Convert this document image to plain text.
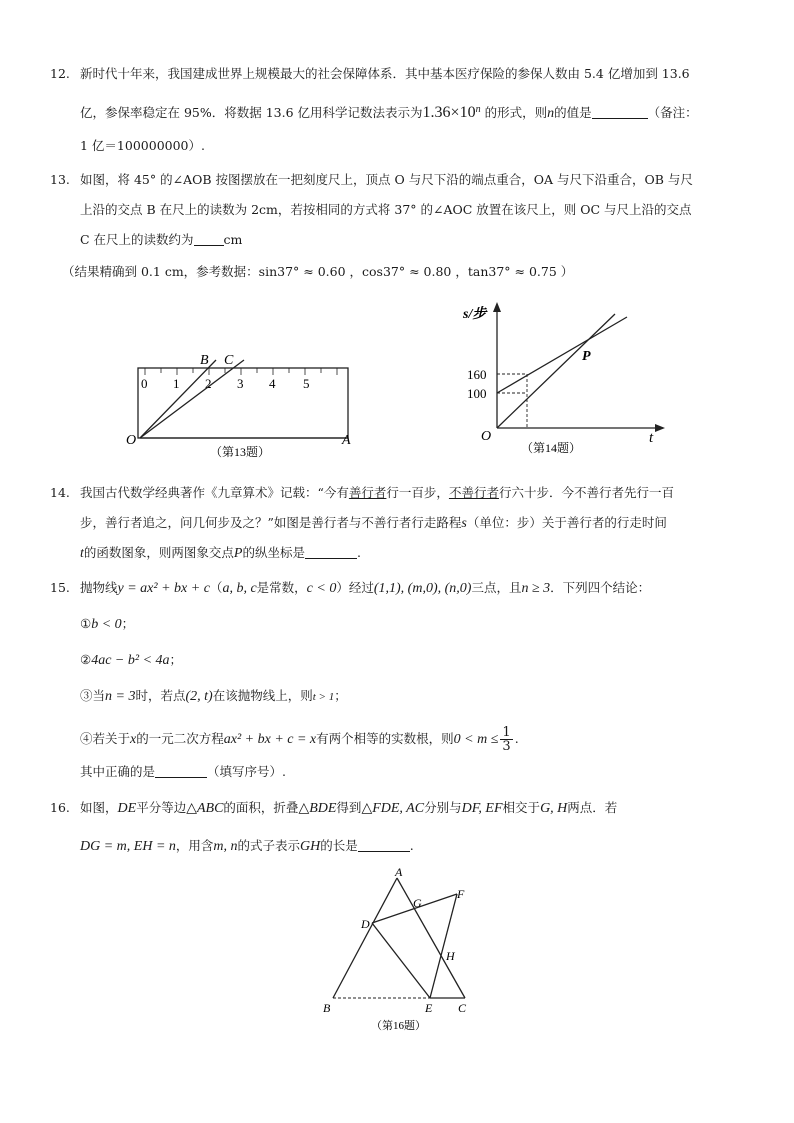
12. 新时代十年来，我国建成世界上规模最大的社会保障体系．其中基本医疗保险的参保人数由 5.4 亿增加到 13.6
亿，参保率稳定在 95%．将数据 13.6 亿用科学记数法表示为$1.36\times 10^n$ 的形式，则n的值是	（备注：
1 亿＝100000000）.
13. 如图，将 45° 的∠AOB 按图摆放在一把刻度尺上，顶点 O 与尺下沿的端点重合，OA 与尺下沿重合，OB 与尺
上沿的交点 B 在尺上的读数为 2cm，若按相同的方式将 37° 的∠AOC 放置在该尺上，则 OC 与尺上沿的交点
C 在尺上的读数约为 cm
（结果精确到 0.1 cm，参考数据：sin37° ≈ 0.60 ，cos37° ≈ 0.80 ，tan37° ≈ 0.75 ）
0 1 2 3 4 5
B C
O	A
（第13题）
s/步
160
100
P
O	t
（第14题）
14. 我国古代数学经典著作《九章算术》记载：“今有善行者行一百步，不善行者行六十步．今不善行者先行一百
步，善行者追之，问几何步及之？”如图是善行者与不善行者行走路程s（单位：步）关于善行者的行走时间
t的函数图象，则两图象交点P的纵坐标是	.
15. 抛物线y = ax² + bx + c（a, b, c是常数，c < 0）经过(1,1), (m,0), (n,0)三点，且n ≥ 3．下列四个结论：
①b < 0；
②4ac − b² < 4a；
③当n = 3时，若点(2, t)在该抛物线上，则t > 1；
④若关于x的一元二次方程ax² + bx + c = x有两个相等的实数根，则$0 < m \le \frac{1}{3}$ .
其中正确的是	（填写序号）.
16. 如图，DE平分等边△ABC的面积，折叠△BDE得到△FDE, AC分别与DF, EF相交于G, H两点．若
DG = m, EH = n，用含m, n的式子表示GH的长是	.
A
G
F
D
H
B	E C
（第16题）
